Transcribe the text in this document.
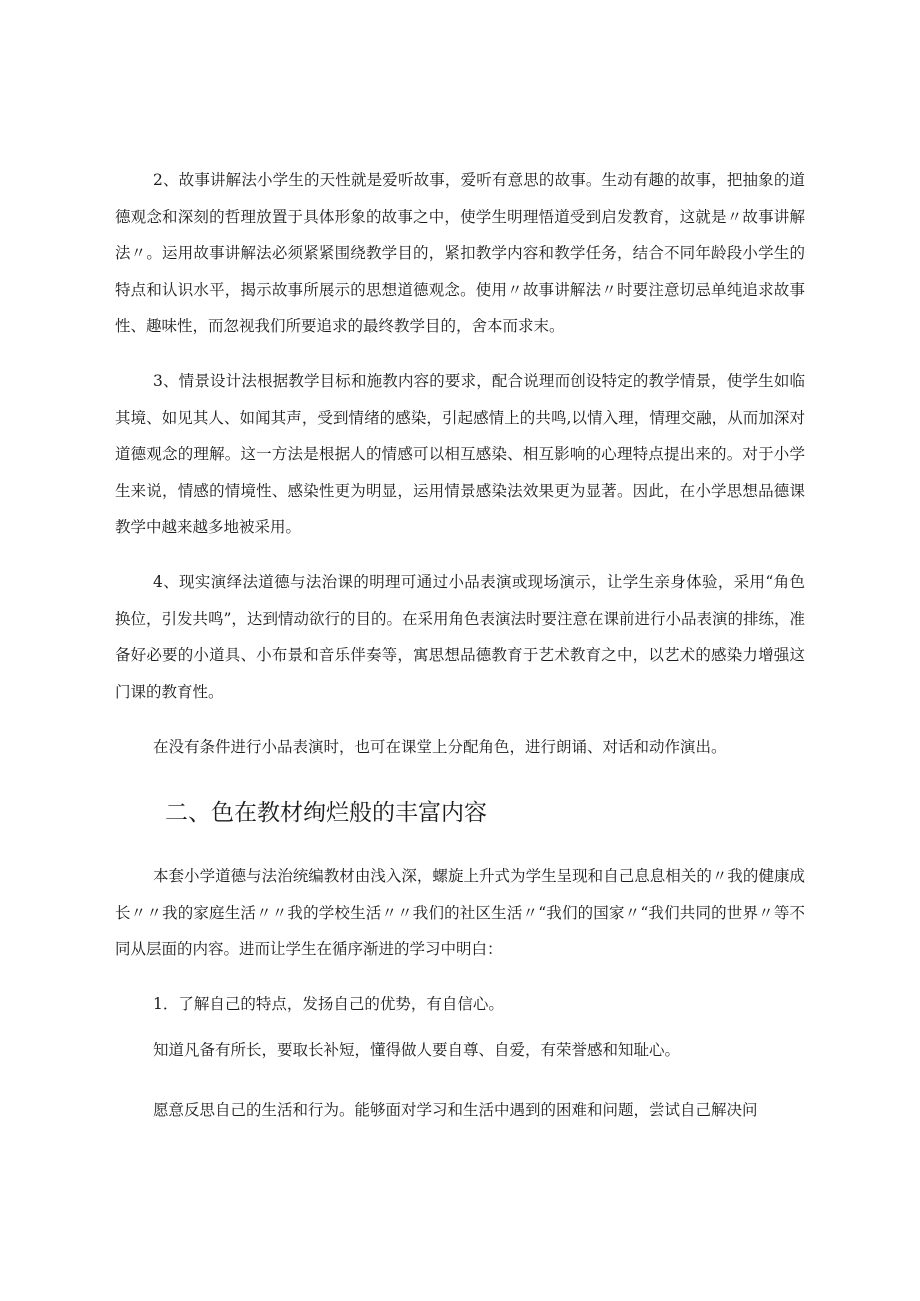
2、故事讲解法小学生的天性就是爱听故事，爱听有意思的故事。生动有趣的故事，把抽象的道德观念和深刻的哲理放置于具体形象的故事之中，使学生明理悟道受到启发教育，这就是〃故事讲解法〃。运用故事讲解法必须紧紧围绕教学目的，紧扣教学内容和教学任务，结合不同年龄段小学生的特点和认识水平，揭示故事所展示的思想道德观念。使用〃故事讲解法〃时要注意切忌单纯追求故事性、趣味性，而忽视我们所要追求的最终教学目的，舍本而求末。

3、情景设计法根据教学目标和施教内容的要求，配合说理而创设特定的教学情景，使学生如临其境、如见其人、如闻其声，受到情绪的感染，引起感情上的共鸣,以情入理，情理交融，从而加深对道德观念的理解。这一方法是根据人的情感可以相互感染、相互影响的心理特点提出来的。对于小学生来说，情感的情境性、感染性更为明显，运用情景感染法效果更为显著。因此，在小学思想品德课教学中越来越多地被采用。

4、现实演绎法道德与法治课的明理可通过小品表演或现场演示，让学生亲身体验，采用“角色换位，引发共鸣”，达到情动欲行的目的。在采用角色表演法时要注意在课前进行小品表演的排练，准备好必要的小道具、小布景和音乐伴奏等，寓思想品德教育于艺术教育之中，以艺术的感染力增强这门课的教育性。

在没有条件进行小品表演时，也可在课堂上分配角色，进行朗诵、对话和动作演出。

二、色在教材绚烂般的丰富内容

本套小学道德与法治统编教材由浅入深，螺旋上升式为学生呈现和自己息息相关的〃我的健康成长〃〃我的家庭生活〃〃我的学校生活〃〃我们的社区生活〃“我们的国家〃“我们共同的世界〃等不同从层面的内容。进而让学生在循序渐进的学习中明白：

1．了解自己的特点，发扬自己的优势，有自信心。

知道凡备有所长，要取长补短，懂得做人要自尊、自爱，有荣誉感和知耻心。

愿意反思自己的生活和行为。能够面对学习和生活中遇到的困难和问题，尝试自己解决问
